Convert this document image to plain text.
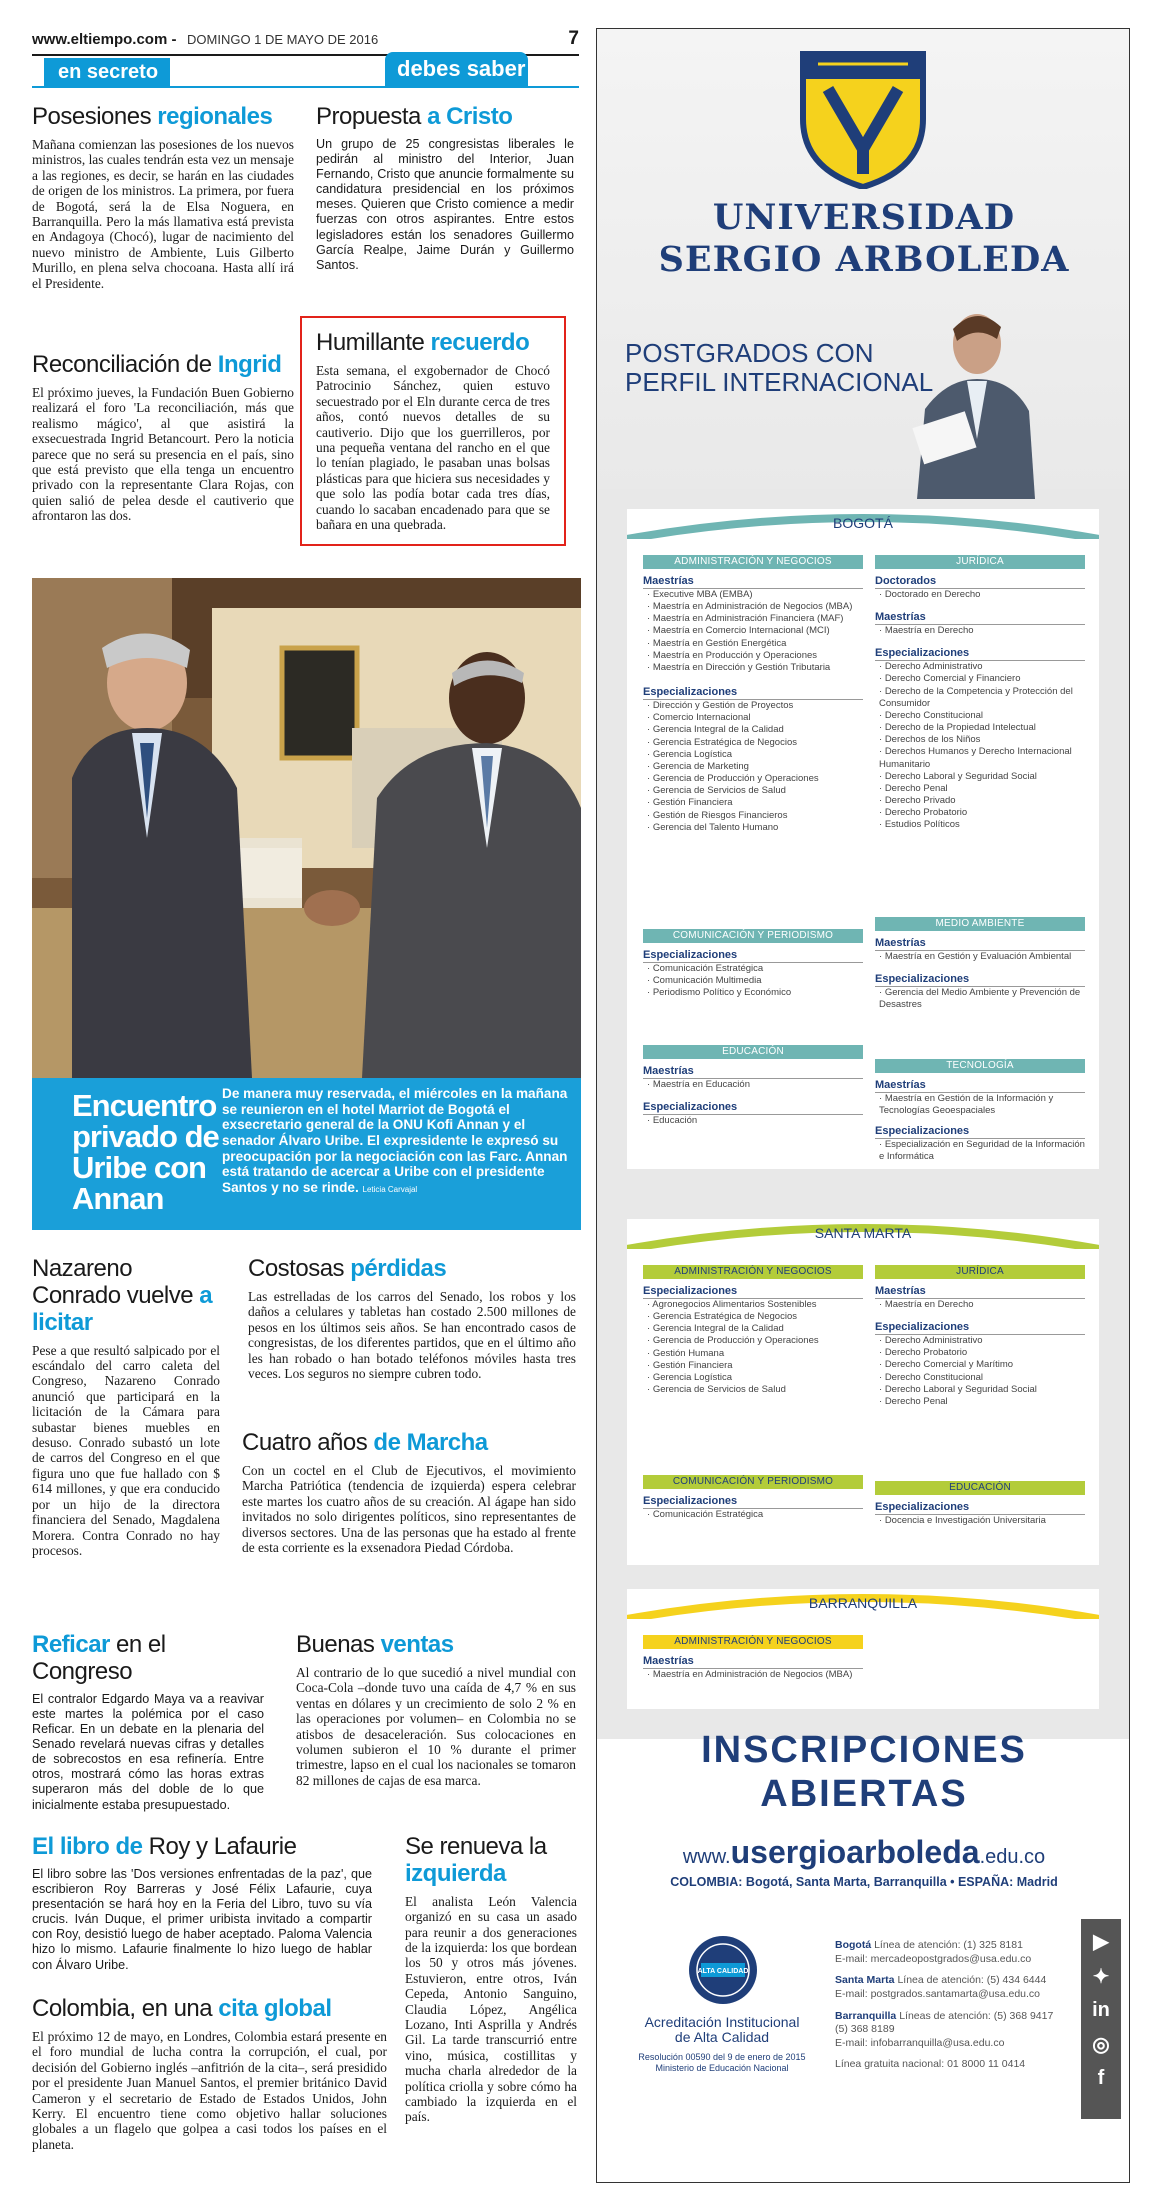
www.eltiempo.com - DOMINGO 1 DE MAYO DE 2016	7
en secreto	debes saber
Posesiones regionales

Mañana comienzan las posesiones de los nuevos ministros, las cuales tendrán esta vez un mensaje a las regiones, es decir, se harán en las ciudades de origen de los ministros. La primera, por fuera de Bogotá, será la de Elsa Noguera, en Barranquilla. Pero la más llamativa está prevista en Andagoya (Chocó), lugar de nacimiento del nuevo ministro de Ambiente, Luis Gilberto Murillo, en plena selva chocoana. Hasta allí irá el Presidente.

Propuesta a Cristo

Un grupo de 25 congresistas liberales le pedirán al ministro del Interior, Juan Fernando, Cristo que anuncie formalmente su candidatura presidencial en los próximos meses. Quieren que Cristo comience a medir fuerzas con otros aspirantes. Entre estos legisladores están los senadores Guillermo García Realpe, Jaime Durán y Guillermo Santos.

Humillante recuerdo

Esta semana, el exgobernador de Chocó Patrocinio Sánchez, quien estuvo secuestrado por el Eln durante cerca de tres años, contó nuevos detalles de su cautiverio. Dijo que los guerrilleros, por una pequeña ventana del rancho en el que lo tenían plagiado, le pasaban unas bolsas plásticas para que hiciera sus necesidades y que solo las podía botar cada tres días, cuando lo sacaban encadenado para que se bañara en una quebrada.

Reconciliación de Ingrid

El próximo jueves, la Fundación Buen Gobierno realizará el foro 'La reconciliación, más que realismo mágico', al que asistirá la exsecuestrada Ingrid Betancourt. Pero la noticia parece que no será su presencia en el país, sino que está previsto que ella tenga un encuentro privado con la representante Clara Rojas, con quien salió de pelea desde el cautiverio que afrontaron las dos.

Encuentro privado de Uribe con Annan
De manera muy reservada, el miércoles en la mañana se reunieron en el hotel Marriot de Bogotá el exsecretario general de la ONU Kofi Annan y el senador Álvaro Uribe. El expresidente le expresó su preocupación por la negociación con las Farc. Annan está tratando de acercar a Uribe con el presidente Santos y no se rinde. Leticia Carvajal
Nazareno Conrado vuelve a licitar

Pese a que resultó salpicado por el escándalo del carro caleta del Congreso, Nazareno Conrado anunció que participará en la licitación de la Cámara para subastar bienes muebles en desuso. Conrado subastó un lote de carros del Congreso en el que figura uno que fue hallado con $ 614 millones, y que era conducido por un hijo de la directora financiera del Senado, Magdalena Morera. Contra Conrado no hay procesos.

Costosas pérdidas

Las estrelladas de los carros del Senado, los robos y los daños a celulares y tabletas han costado 2.500 millones de pesos en los últimos seis años. Se han encontrado casos de congresistas, de los diferentes partidos, que en el último año les han robado o han botado teléfonos móviles hasta tres veces. Los seguros no siempre cubren todo.

Cuatro años de Marcha

Con un coctel en el Club de Ejecutivos, el movimiento Marcha Patriótica (tendencia de izquierda) espera celebrar este martes los cuatro años de su creación. Al ágape han sido invitados no solo dirigentes políticos, sino representantes de diversos sectores. Una de las personas que ha estado al frente de esta corriente es la exsenadora Piedad Córdoba.

Reficar en el Congreso

El contralor Edgardo Maya va a reavivar este martes la polémica por el caso Reficar. En un debate en la plenaria del Senado revelará nuevas cifras y detalles de sobrecostos en esa refinería. Entre otros, mostrará cómo las horas extras superaron más del doble de lo que inicialmente estaba presupuestado.

Buenas ventas

Al contrario de lo que sucedió a nivel mundial con Coca-Cola –donde tuvo una caída de 4,7 % en sus ventas en dólares y un crecimiento de solo 2 % en las operaciones por volumen– en Colombia no se atisbos de desaceleración. Sus colocaciones en volumen subieron el 10 % durante el primer trimestre, lapso en el cual los nacionales se tomaron 82 millones de cajas de esa marca.

El libro de Roy y Lafaurie

El libro sobre las 'Dos versiones enfrentadas de la paz', que escribieron Roy Barreras y José Félix Lafaurie, cuya presentación se hará hoy en la Feria del Libro, tuvo su vía crucis. Iván Duque, el primer uribista invitado a compartir con Roy, desistió luego de haber aceptado. Paloma Valencia hizo lo mismo. Lafaurie finalmente lo hizo luego de hablar con Álvaro Uribe.

Se renueva la izquierda

El analista León Valencia organizó en su casa un asado para reunir a dos generaciones de la izquierda: los que bordean los 50 y otros más jóvenes. Estuvieron, entre otros, Iván Cepeda, Antonio Sanguino, Claudia López, Angélica Lozano, Inti Asprilla y Andrés Gil. La tarde transcurrió entre vino, música, costillitas y mucha charla alrededor de la política criolla y sobre cómo ha cambiado la izquierda en el país.

Colombia, en una cita global

El próximo 12 de mayo, en Londres, Colombia estará presente en el foro mundial de lucha contra la corrupción, el cual, por decisión del Gobierno inglés –anfitrión de la cita–, será presidido por el presidente Juan Manuel Santos, el premier británico David Cameron y el secretario de Estado de Estados Unidos, John Kerry. El encuentro tiene como objetivo hallar soluciones globales a un flagelo que golpea a casi todos los países en el planeta.

UNIVERSIDAD
SERGIO ARBOLEDA
POSTGRADOS CON
PERFIL INTERNACIONAL
BOGOTÁ
ADMINISTRACIÓN Y NEGOCIOS
Maestrías
· Executive MBA (EMBA)
· Maestría en Administración de Negocios (MBA)
· Maestría en Administración Financiera (MAF)
· Maestría en Comercio Internacional (MCI)
· Maestría en Gestión Energética
· Maestría en Producción y Operaciones
· Maestría en Dirección y Gestión Tributaria
Especializaciones
· Dirección y Gestión de Proyectos
· Comercio Internacional
· Gerencia Integral de la Calidad
· Gerencia Estratégica de Negocios
· Gerencia Logística
· Gerencia de Marketing
· Gerencia de Producción y Operaciones
· Gerencia de Servicios de Salud
· Gestión Financiera
· Gestión de Riesgos Financieros
· Gerencia del Talento Humano
COMUNICACIÓN Y PERIODISMO
Especializaciones
· Comunicación Estratégica
· Comunicación Multimedia
· Periodismo Político y Económico
EDUCACIÓN
Maestrías
· Maestría en Educación
Especializaciones
· Educación
JURÍDICA
Doctorados
· Doctorado en Derecho
Maestrías
· Maestría en Derecho
Especializaciones
· Derecho Administrativo
· Derecho Comercial y Financiero
· Derecho de la Competencia y Protección del Consumidor
· Derecho Constitucional
· Derecho de la Propiedad Intelectual
· Derechos de los Niños
· Derechos Humanos y Derecho Internacional Humanitario
· Derecho Laboral y Seguridad Social
· Derecho Penal
· Derecho Privado
· Derecho Probatorio
· Estudios Políticos
MEDIO AMBIENTE
Maestrías
· Maestría en Gestión y Evaluación Ambiental
Especializaciones
· Gerencia del Medio Ambiente y Prevención de Desastres
TECNOLOGÍA
Maestrías
· Maestría en Gestión de la Información y Tecnologías Geoespaciales
Especializaciones
· Especialización en Seguridad de la Información e Informática
SANTA MARTA
ADMINISTRACIÓN Y NEGOCIOS
Especializaciones
· Agronegocios Alimentarios Sostenibles
· Gerencia Estratégica de Negocios
· Gerencia Integral de la Calidad
· Gerencia de Producción y Operaciones
· Gestión Humana
· Gestión Financiera
· Gerencia Logística
· Gerencia de Servicios de Salud
COMUNICACIÓN Y PERIODISMO
Especializaciones
· Comunicación Estratégica
JURÍDICA
Maestrías
· Maestría en Derecho
Especializaciones
· Derecho Administrativo
· Derecho Probatorio
· Derecho Comercial y Marítimo
· Derecho Constitucional
· Derecho Laboral y Seguridad Social
· Derecho Penal
EDUCACIÓN
Especializaciones
· Docencia e Investigación Universitaria
BARRANQUILLA
ADMINISTRACIÓN Y NEGOCIOS
Maestrías
· Maestría en Administración de Negocios (MBA)
INSCRIPCIONES
ABIERTAS
www.usergioarboleda.edu.co
COLOMBIA: Bogotá, Santa Marta, Barranquilla • ESPAÑA: Madrid
ALTA CALIDAD
Acreditación Institucional
de Alta Calidad
Resolución 00590 del 9 de enero de 2015
Ministerio de Educación Nacional
Bogotá Línea de atención: (1) 325 8181
E-mail: mercadeopostgrados@usa.edu.co
Santa Marta Línea de atención: (5) 434 6444
E-mail: postgrados.santamarta@usa.edu.co
Barranquilla Líneas de atención: (5) 368 9417
(5) 368 8189
E-mail: infobarranquilla@usa.edu.co
Línea gratuita nacional: 01 8000 11 0414
▶
✦
in
◎
f
